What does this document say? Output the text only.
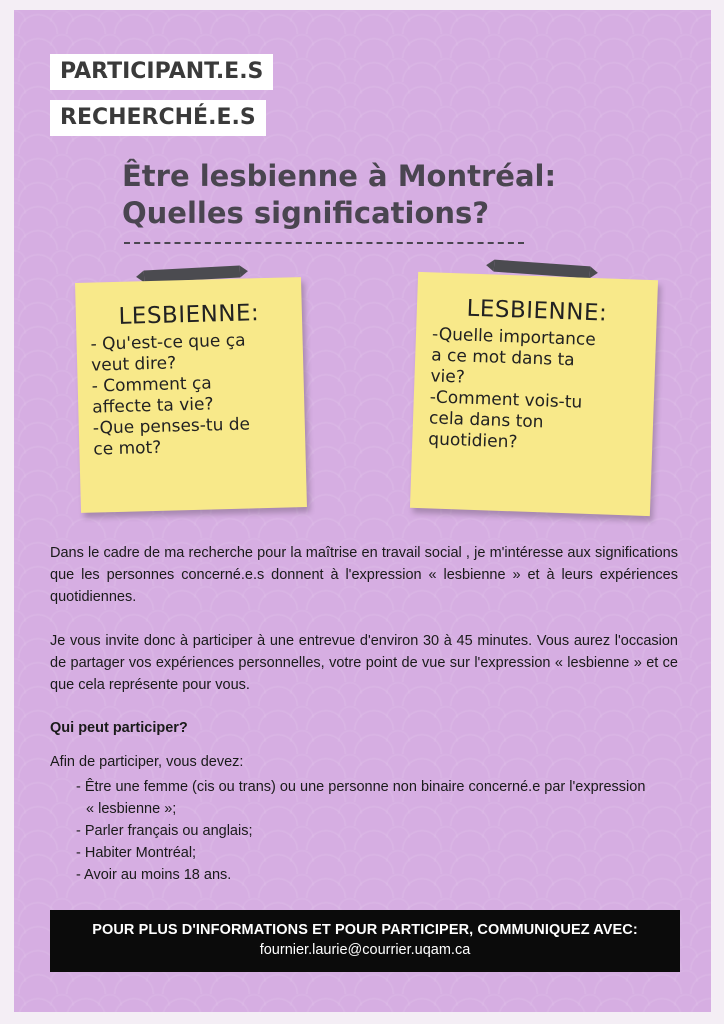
PARTICIPANT.E.S
RECHERCHÉ.E.S
Être lesbienne à Montréal:
Quelles significations?
LESBIENNE:
- Qu'est-ce que ça
veut dire?
- Comment ça
affecte ta vie?
-Que penses-tu de
ce mot?
LESBIENNE:
-Quelle importance
a ce mot dans ta
vie?
-Comment vois-tu
cela dans ton
quotidien?

Dans le cadre de ma recherche pour la maîtrise en travail social , je m'intéresse aux significations que les personnes concerné.e.s donnent à l'expression « lesbienne » et à leurs expériences quotidiennes.

Je vous invite donc à participer à une entrevue d'environ 30 à 45 minutes. Vous aurez l'occasion de partager vos expériences personnelles, votre point de vue sur l'expression « lesbienne » et ce que cela représente pour vous.

Qui peut participer?

Afin de participer, vous devez:

- Être une femme (cis ou trans) ou une personne non binaire concerné.e par l'expression « lesbienne »;
- Parler français ou anglais;
- Habiter Montréal;
- Avoir au moins 18 ans.
POUR PLUS D'INFORMATIONS ET POUR PARTICIPER, COMMUNIQUEZ AVEC:
fournier.laurie@courrier.uqam.ca
